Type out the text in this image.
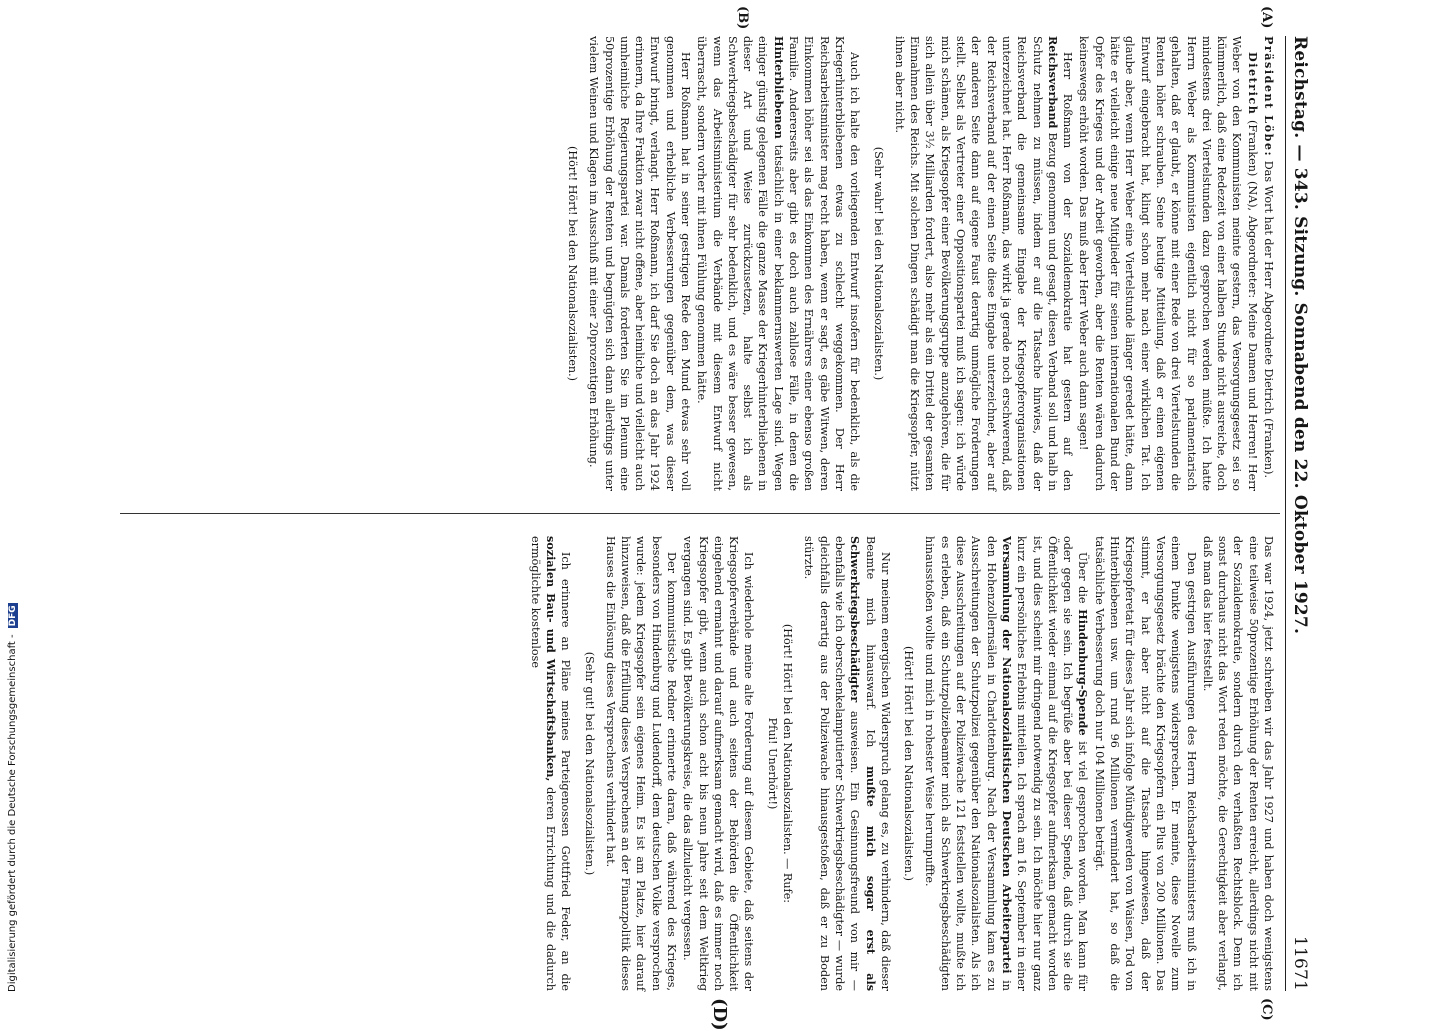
Reichstag. — 343. Sitzung. Sonnabend den 22. Oktober 1927.
11671
(A)
(B)
(C)
(D)

Präsident Löbe: Das Wort hat der Herr Abgeordnete Dietrich (Franken).

Dietrich (Franken) (NA), Abgeordneter: Meine Damen und Herren! Herr Weber von den Kommunisten meinte gestern, das Versorgungsgesetz sei so kümmerlich, daß eine Redezeit von einer halben Stunde nicht ausreiche, doch mindestens drei Viertelstunden dazu gesprochen werden müßte. Ich hatte Herrn Weber als Kommunisten eigentlich nicht für so parlamentarisch gehalten, daß er glaubt, er könne mit einer Rede von drei Viertelstunden die Renten höher schrauben. Seine heutige Mitteilung, daß er einen eigenen Entwurf eingebracht hat, klingt schon mehr nach einer wirklichen Tat. Ich glaube aber, wenn Herr Weber eine Viertelstunde länger geredet hätte, dann hätte er vielleicht einige neue Mitglieder für seinen internationalen Bund der Opfer des Krieges und der Arbeit geworben, aber die Renten wären dadurch keineswegs erhöht worden. Das muß aber Herr Weber auch dann sagen!

Herr Roßmann von der Sozialdemokratie hat gestern auf den Reichsverband Bezug genommen und gesagt, diesen Verband soll und halb in Schutz nehmen zu müssen, indem er auf die Tatsache hinwies, daß der Reichsverband die gemeinsame Eingabe der Kriegsopferorganisationen unterzeichnet hat. Herr Roßmann, das wirkt ja gerade noch erschwerend, daß der Reichsverband auf der einen Seite diese Eingabe unterzeichnet, aber auf der anderen Seite dann auf eigene Faust derartig unmögliche Forderungen stellt. Selbst als Vertreter einer Oppositionspartei muß ich sagen: ich würde mich schämen, als Kriegsopfer einer Bevölkerungsgruppe anzugehören, die für sich allein über 3½ Milliarden fordert, also mehr als ein Drittel der gesamten Einnahmen des Reichs. Mit solchen Dingen schädigt man die Kriegsopfer, nützt ihnen aber nicht.

(Sehr wahr! bei den Nationalsozialisten.)

Auch ich halte den vorliegenden Entwurf insofern für bedenklich, als die Kriegerhinterbliebenen etwas zu schlecht weggekommen. Der Herr Reichsarbeitsminister mag recht haben, wenn er sagt, es gäbe Witwen, deren Einkommen höher sei als das Einkommen des Ernährers einer ebenso großen Familie. Andererseits aber gibt es doch auch zahllose Fälle, in denen die Hinterbliebenen tatsächlich in einer beklammernswerten Lage sind. Wegen einiger günstig gelegenen Fälle die ganze Masse der Kriegerhinterbliebenen in dieser Art und Weise zurückzusetzen, halte selbst ich als Schwerkriegsbeschädigter für sehr bedenklich, und es wäre besser gewesen, wenn das Arbeitsministerium die Verbände mit diesem Entwurf nicht überrascht, sondern vorher mit ihnen Fühlung genommen hätte.

Herr Roßmann hat in seiner gestrigen Rede den Mund etwas sehr voll genommen und erhebliche Verbesserungen gegenüber dem, was dieser Entwurf bringt, verlangt. Herr Roßmann, ich darf Sie doch an das Jahr 1924 erinnern, da Ihre Fraktion zwar nicht offene, aber heimliche und vielleicht auch umheimliche Regierungspartei war. Damals forderten Sie im Plenum eine 50prozentige Erhöhung der Renten und begnügten sich dann allerdings unter vielem Weinen und Klagen im Ausschuß mit einer 20prozentigen Erhöhung.

(Hört! Hört! bei den Nationalsozialisten.)

Das war 1924, jetzt schreiben wir das Jahr 1927 und haben doch wenigstens eine teilweise 50prozentige Erhöhung der Renten erreicht, allerdings nicht mit der Sozialdemokratie, sondern durch den verhaßten Rechtsblock. Denn ich sonst durchaus nicht das Wort reden möchte, die Gerechtigkeit aber verlangt, daß man das hier feststellt.

Den gestrigen Ausführungen des Herrn Reichsarbeitsministers muß ich in einem Punkte wenigstens widersprechen. Er meinte, diese Novelle zum Versorgungsgesetz brächte den Kriegsopfern ein Plus von 200 Millionen. Das stimmt, er hat aber nicht auf die Tatsache hingewiesen, daß der Kriegsopferetat für dieses Jahr sich infolge Mündigwerden von Waisen, Tod von Hinterbliebenen usw. um rund 96 Millionen vermindert hat, so daß die tatsächliche Verbesserung doch nur 104 Millionen beträgt.

Über die Hindenburg-Spende ist viel gesprochen worden. Man kann für oder gegen sie sein. Ich begrüße aber bei dieser Spende, daß durch sie die Öffentlichkeit wieder einmal auf die Kriegsopfer aufmerksam gemacht worden ist, und dies scheint mir dringend notwendig zu sein. Ich möchte hier nur ganz kurz ein persönliches Erlebnis mitteilen. Ich sprach am 16. September in einer Versammlung der Nationalsozialistischen Deutschen Arbeiterpartei in den Hohenzollernsälen in Charlottenburg. Nach der Versammlung kam es zu Ausschreitungen der Schutzpolizei gegenüber den Nationalsozialisten. Als ich diese Ausschreitungen auf der Polizeiwache 121 feststellen wollte, mußte ich es erleben, daß ein Schutzpolizeibeamter mich als Schwerkriegsbeschädigten hinausstoßen wollte und mich in rohester Weise herumpuffte.

(Hört! Hört! bei den Nationalsozialisten.)

Nur meinem energischen Widerspruch gelang es, zu verhindern, daß dieser Beamte mich hinauswarf. Ich mußte mich sogar erst als Schwerkriegsbeschädigter ausweisen. Ein Gesinnungsfreund von mir — ebenfalls wie ich oberschenkelamputierter Schwerkriegsbeschädigter — wurde gleichfalls derartig aus der Polizeiwache hinausgestoßen, daß er zu Boden stürzte.

(Hört! Hört! bei den Nationalsozialisten. — Rufe:

Pfui! Unerhört!)

Ich wiederhole meine alte Forderung auf diesem Gebiete, daß seitens der Kriegsopferverbände und auch seitens der Behörden die Öffentlichkeit eingehend ermahnt und darauf aufmerksam gemacht wird, daß es immer noch Kriegsopfer gibt, wenn auch schon acht bis neun Jahre seit dem Weltkrieg vergangen sind. Es gibt Bevölkerungskreise, die das allzuleicht vergessen.

Der kommunistische Redner erinnerte daran, daß während des Krieges, besonders von Hindenburg und Ludendorff, dem deutschen Volke versprochen wurde: jedem Kriegsopfer sein eigenes Heim. Es ist am Platze, hier darauf hinzuweisen, daß die Erfüllung dieses Versprechens an der Finanzpolitik dieses Hauses die Einlösung dieses Versprechens verhindert hat.

(Sehr gut! bei den Nationalsozialisten.)

Ich erinnere an Pläne meines Parteigenossen Gottfried Feder, an die sozialen Bau- und Wirtschaftsbanken, deren Errichtung und die dadurch ermöglichte kostenlose

Digitalisierung gefördert durch die Deutsche Forschungsgemeinschaft -DFG
